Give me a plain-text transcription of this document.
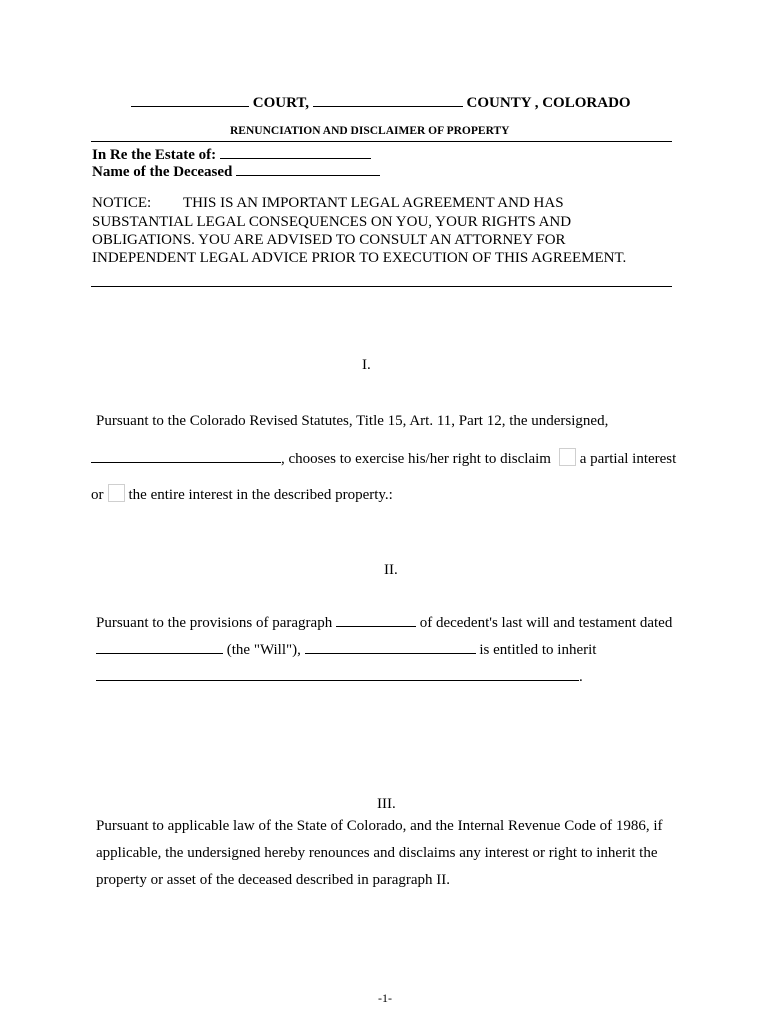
COURT,	COUNTY , COLORADO
RENUNCIATION AND DISCLAIMER OF PROPERTY
In Re the Estate of:
Name of the Deceased
NOTICE: THIS IS AN IMPORTANT LEGAL AGREEMENT AND HAS
SUBSTANTIAL LEGAL CONSEQUENCES ON YOU, YOUR RIGHTS AND
OBLIGATIONS. YOU ARE ADVISED TO CONSULT AN ATTORNEY FOR
INDEPENDENT LEGAL ADVICE PRIOR TO EXECUTION OF THIS AGREEMENT.
I.
Pursuant to the Colorado Revised Statutes, Title 15, Art. 11, Part 12, the undersigned,
, chooses to exercise his/her right to disclaim a partial interest
or the entire interest in the described property.:
II.
Pursuant to the provisions of paragraph	of decedent's last will and testament dated
(the "Will"),	is entitled to inherit
.
III.
Pursuant to applicable law of the State of Colorado, and the Internal Revenue Code of 1986, if
applicable, the undersigned hereby renounces and disclaims any interest or right to inherit the
property or asset of the deceased described in paragraph II.
-1-
